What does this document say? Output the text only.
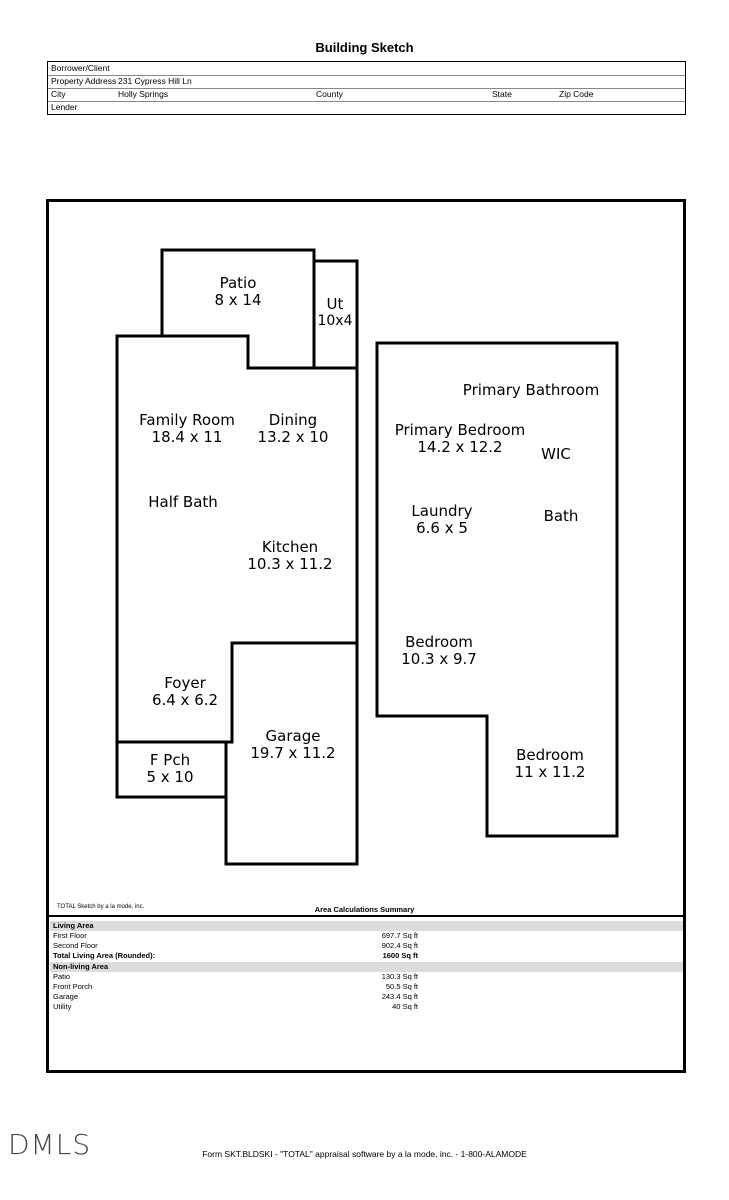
Building Sketch
Borrower/Client
Property Address 231 Cypress Hill Ln
City	Holly Springs	County	State	Zip Code
Lender
Patio
8 x 14	Ut
10x4
Family Room
18.4 x 11
Dining
13.2 x 10
Half Bath
Kitchen
10.3 x 11.2
Foyer
6.4 x 6.2
F Pch
5 x 10
Garage
19.7 x 11.2
Primary Bathroom
Primary Bedroom
14.2 x 12.2	WIC
Laundry
6.6 x 5
Bath
Bedroom
10.3 x 9.7
Bedroom
11 x 11.2
TOTAL Sketch by a la mode, inc.	Area Calculations Summary
Living Area
First Floor	697.7 Sq ft
Second Floor	902.4 Sq ft
Total Living Area (Rounded):	1600 Sq ft
Non-living Area
Patio	130.3 Sq ft
Front Porch	50.5 Sq ft
Garage	243.4 Sq ft
Utility	40 Sq ft
DMLS	Form SKT.BLDSKI - "TOTAL" appraisal software by a la mode, inc. - 1-800-ALAMODE
